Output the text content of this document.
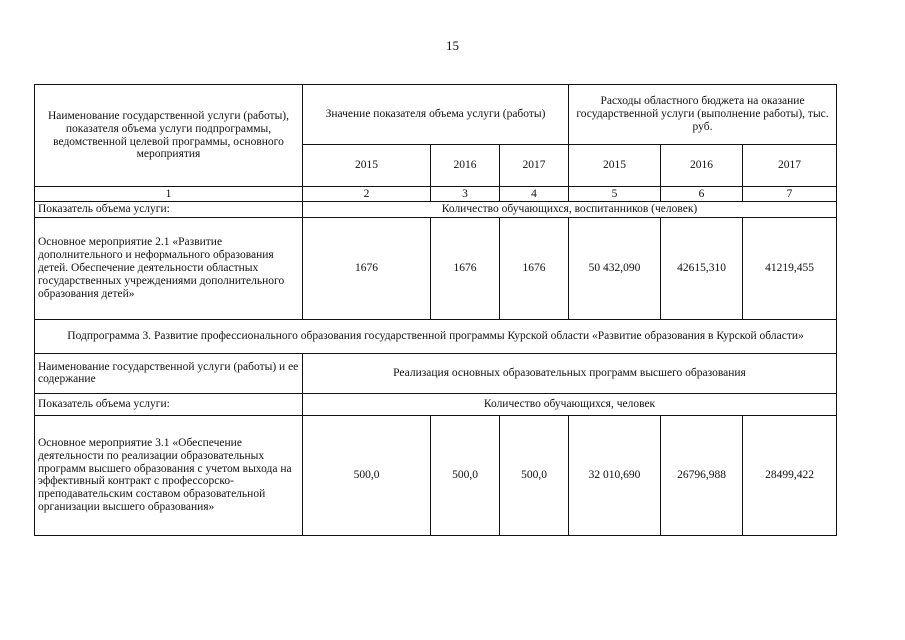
15
Наименование государственной услуги (работы), показателя объема услуги подпрограммы, ведомственной целевой программы, основного мероприятия	Значение показателя объема услуги (работы)			Расходы областного бюджета на оказание государственной услуги (выполнение работы), тыс. руб.		
	2015	2016	2017	2015	2016	2017
1	2	3	4	5	6	7
Показатель объема услуги:	Количество обучающихся, воспитанников (человек)					
Основное мероприятие 2.1 «Развитие дополнительного и неформального образования детей. Обеспечение деятельности областных государственных учреждениями дополнительного образования детей»	1676	1676	1676	50 432,090	42615,310	41219,455
Подпрограмма 3. Развитие профессионального образования государственной программы Курской области «Развитие образования в Курской области»						
Наименование государственной услуги (работы) и ее содержание	Реализация основных образовательных программ высшего образования					
Показатель объема услуги:	Количество обучающихся, человек					
Основное мероприятие 3.1 «Обеспечение деятельности по реализации образовательных программ высшего образования с учетом выхода на эффективный контракт с профессорско-преподавательским составом образовательной организации высшего образования»	500,0	500,0	500,0	32 010,690	26796,988	28499,422
